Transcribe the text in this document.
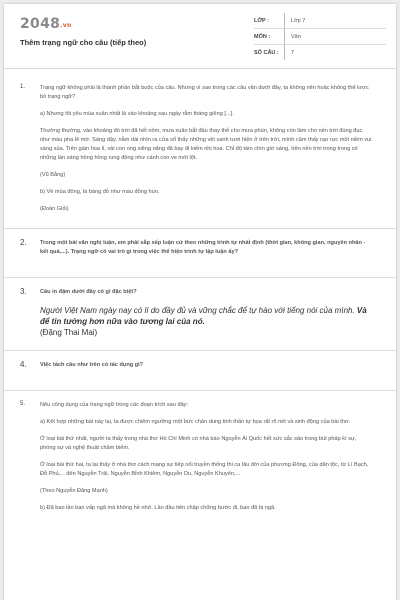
2048.vn
Thêm trạng ngữ cho câu (tiếp theo)
LỚP :	Lớp 7
MÔN :	Văn
SỐ CÂU :	7
1.	Trạng ngữ không phải là thành phần bắt buộc của câu. Nhưng vì sao trong các câu văn dưới đây, ta không nên hoặc không thể lược bỏ trạng ngữ?

a) Nhưng tôi yêu mùa xuân nhất là vào khoảng sau ngày rằm tháng giêng [...].

Thường thường, vào khoảng đó trời đã hết nồm, mưa xuân bắt đầu thay thế cho mưa phùn, không còn làm cho nền trời đùng đục như màu pha lê mờ. Sáng dậy, nằm dài nhìn ra cửa sổ thấy những vệt xanh tươi hiện ở trên trời, mình cảm thấy rạo rực một niềm vui sáng sủa. Trên giàn hoa lí, vài con ong siêng năng đã bay đi kiếm nhị hoa. Chỉ độ tám chín giờ sáng, trên nền trời trong trong có những làn sáng hồng hồng rung động như cánh con ve mới lột.

(Vũ Bằng)

b) Về mùa đông, lá bàng đỏ như màu đồng hun.

(Đoàn Giỏi)

2. Trong một bài văn nghị luận, em phải sắp xếp luận cứ theo những trình tự nhất định (thời gian, không gian, nguyên nhân - kết quả,...). Trạng ngữ có vai trò gì trong việc thể hiện trình tự lập luận ấy?

3. Câu in đậm dưới đây có gì đặc biệt?

Người Việt Nam ngày nay có lí do đầy đủ và vững chắc để tự hào với tiếng nói của mình. Và để tin tưởng hơn nữa vào tương lai của nó.
(Đặng Thai Mai)
4. Việc tách câu như trên có tác dụng gì?

5.	Nêu công dụng của trạng ngữ trong các đoạn trích sau đây:

a) Kết hợp những bài này lại, ta được chiêm ngưỡng một bức chân dung tinh thần tự họa rất rõ nét và sinh động của bài thơ.

Ở loại bài thứ nhất, người ta thấy trong nhà thơ Hồ Chí Minh có nhà báo Nguyễn Ái Quốc hết sức sắc sảo trong bút pháp kí sự, phóng sự và nghệ thuật châm biếm.

Ở loại bài thứ hai, ta lại thấy ở nhà thơ cách mạng sự tiếp nối truyền thống thi ca lâu đời của phương Đông, của dân tộc, từ Lí Bạch, Đỗ Phủ,... đến Nguyễn Trãi, Nguyễn Bỉnh Khiêm, Nguyễn Du, Nguyễn Khuyến,...

(Theo Nguyễn Đăng Mạnh)

b) Đã bao lần bạn vấp ngã mà không hề nhớ. Lần đầu tiên chập chững bước đi, bạn đã bị ngã.
